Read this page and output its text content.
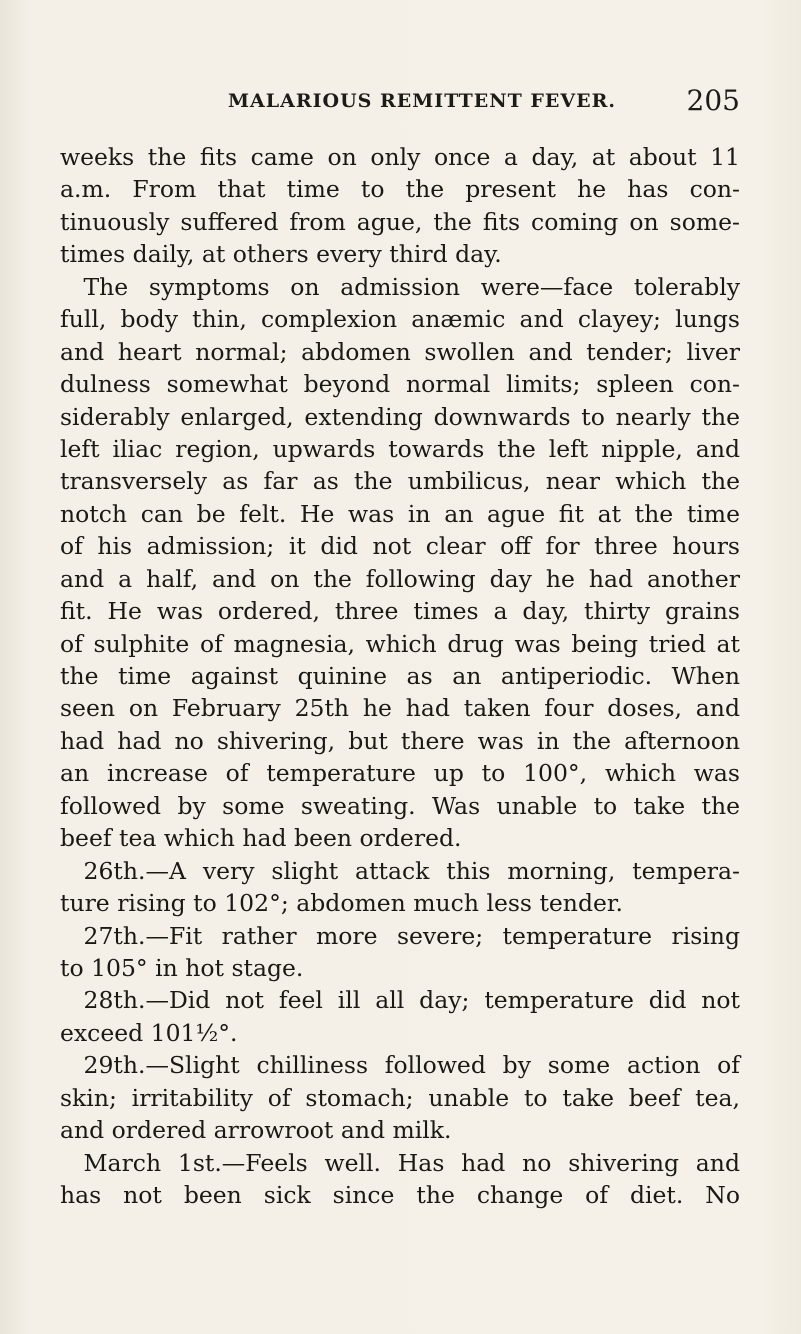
MALARIOUS REMITTENT FEVER.	205
weeks the fits came on only once a day, at about 11
a.m. From that time to the present he has con-
tinuously suffered from ague, the fits coming on some-
times daily, at others every third day.
 The symptoms on admission were—face tolerably
full, body thin, complexion anæmic and clayey; lungs
and heart normal; abdomen swollen and tender; liver
dulness somewhat beyond normal limits; spleen con-
siderably enlarged, extending downwards to nearly the
left iliac region, upwards towards the left nipple, and
transversely as far as the umbilicus, near which the
notch can be felt. He was in an ague fit at the time
of his admission; it did not clear off for three hours
and a half, and on the following day he had another
fit. He was ordered, three times a day, thirty grains
of sulphite of magnesia, which drug was being tried at
the time against quinine as an antiperiodic. When
seen on February 25th he had taken four doses, and
had had no shivering, but there was in the afternoon
an increase of temperature up to 100°, which was
followed by some sweating. Was unable to take the
beef tea which had been ordered.
 26th.—A very slight attack this morning, tempera-
ture rising to 102°; abdomen much less tender.
 27th.—Fit rather more severe; temperature rising
to 105° in hot stage.
 28th.—Did not feel ill all day; temperature did not
exceed 101½°.
 29th.—Slight chilliness followed by some action of
skin; irritability of stomach; unable to take beef tea,
and ordered arrowroot and milk.
 March 1st.—Feels well. Has had no shivering and
has not been sick since the change of diet. No
